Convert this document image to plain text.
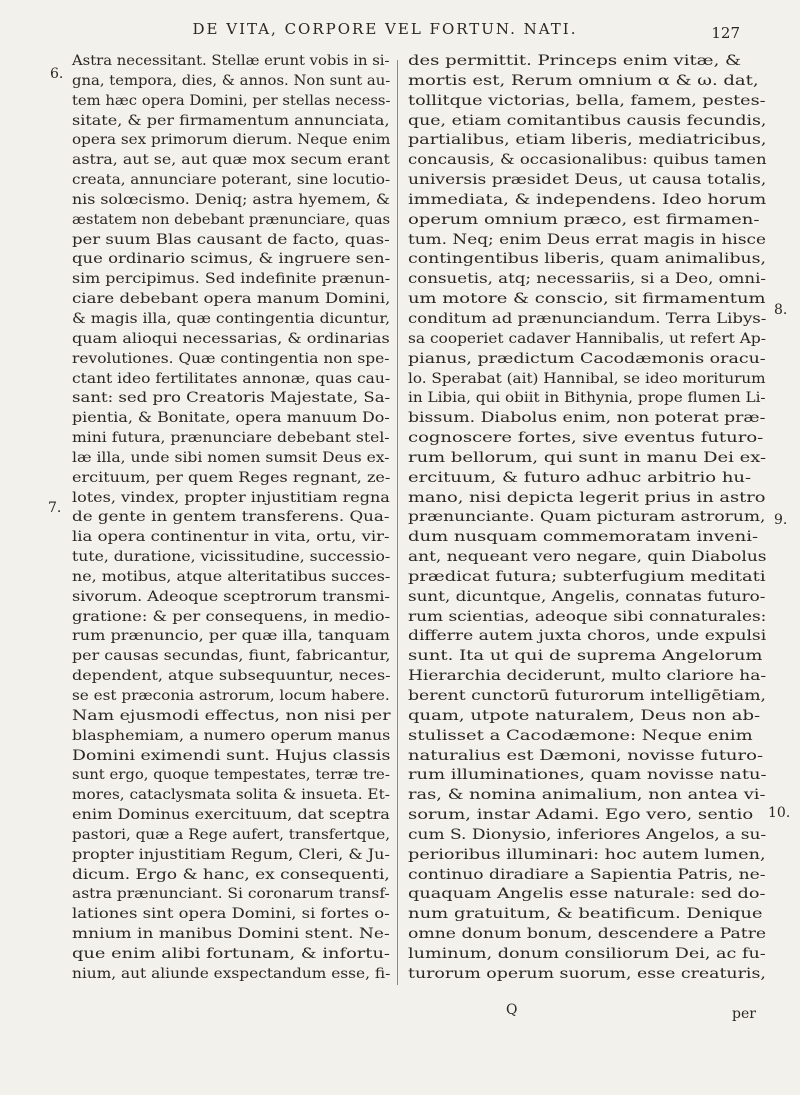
DE VITA, CORPORE VEL FORTUN. NATI.	127
Astra necessitant. Stellæ erunt vobis in si-
gna, tempora, dies, & annos. Non sunt au-
tem hæc opera Domini, per stellas necess-
sitate, & per firmamentum annunciata,
opera sex primorum dierum. Neque enim
astra, aut se, aut quæ mox secum erant
creata, annunciare poterant, sine locutio-
nis solœcismo. Deniq; astra hyemem, &
æstatem non debebant prænunciare, quas
per suum Blas causant de facto, quas-
que ordinario scimus, & ingruere sen-
sim percipimus. Sed indefinite prænun-
ciare debebant opera manum Domini,
& magis illa, quæ contingentia dicuntur,
quam alioqui necessarias, & ordinarias
revolutiones. Quæ contingentia non spe-
ctant ideo fertilitates annonæ, quas cau-
sant: sed pro Creatoris Majestate, Sa-
pientia, & Bonitate, opera manuum Do-
mini futura, prænunciare debebant stel-
læ illa, unde sibi nomen sumsit Deus ex-
ercituum, per quem Reges regnant, ze-
lotes, vindex, propter injustitiam regna
de gente in gentem transferens. Qua-
lia opera continentur in vita, ortu, vir-
tute, duratione, vicissitudine, successio-
ne, motibus, atque alteritatibus succes-
sivorum. Adeoque sceptrorum transmi-
gratione: & per consequens, in medio-
rum prænuncio, per quæ illa, tanquam
per causas secundas, fiunt, fabricantur,
dependent, atque subsequuntur, neces-
se est præconia astrorum, locum habere.
Nam ejusmodi effectus, non nisi per
blasphemiam, a numero operum manus
Domini eximendi sunt. Hujus classis
sunt ergo, quoque tempestates, terræ tre-
mores, cataclysmata solita & insueta. Et-
enim Dominus exercituum, dat sceptra
pastori, quæ a Rege aufert, transfertque,
propter injustitiam Regum, Cleri, & Ju-
dicum. Ergo & hanc, ex consequenti,
astra prænunciant. Si coronarum transf-
lationes sint opera Domini, si fortes o-
mnium in manibus Domini stent. Ne-
que enim alibi fortunam, & infortu-
nium, aut aliunde exspectandum esse, fi-
des permittit. Princeps enim vitæ, &
mortis est, Rerum omnium α & ω. dat,
tollitque victorias, bella, famem, pestes-
que, etiam comitantibus causis fecundis,
partialibus, etiam liberis, mediatricibus,
concausis, & occasionalibus: quibus tamen
universis præsidet Deus, ut causa totalis,
immediata, & independens. Ideo horum
operum omnium præco, est firmamen-
tum. Neq; enim Deus errat magis in hisce
contingentibus liberis, quam animalibus,
consuetis, atq; necessariis, si a Deo, omni-
um motore & conscio, sit firmamentum
conditum ad prænunciandum. Terra Libys-
sa cooperiet cadaver Hannibalis, ut refert Ap-
pianus, prædictum Cacodæmonis oracu-
lo. Sperabat (ait) Hannibal, se ideo moriturum
in Libia, qui obiit in Bithynia, prope flumen Li-
bissum. Diabolus enim, non poterat præ-
cognoscere fortes, sive eventus futuro-
rum bellorum, qui sunt in manu Dei ex-
ercituum, & futuro adhuc arbitrio hu-
mano, nisi depicta legerit prius in astro
prænunciante. Quam picturam astrorum,
dum nusquam commemoratam inveni-
ant, nequeant vero negare, quin Diabolus
prædicat futura; subterfugium meditati
sunt, dicuntque, Angelis, connatas futuro-
rum scientias, adeoque sibi connaturales:
differre autem juxta choros, unde expulsi
sunt. Ita ut qui de suprema Angelorum
Hierarchia deciderunt, multo clariore ha-
berent cunctorū futurorum intelligētiam,
quam, utpote naturalem, Deus non ab-
stulisset a Cacodæmone: Neque enim
naturalius est Dæmoni, novisse futuro-
rum illuminationes, quam novisse natu-
ras, & nomina animalium, non antea vi-
sorum, instar Adami. Ego vero, sentio
cum S. Dionysio, inferiores Angelos, a su-
perioribus illuminari: hoc autem lumen,
continuo diradiare a Sapientia Patris, ne-
quaquam Angelis esse naturale: sed do-
num gratuitum, & beatificum. Denique
omne donum bonum, descendere a Patre
luminum, donum consiliorum Dei, ac fu-
turorum operum suorum, esse creaturis,
6.
7.
8.
9.
10.
Q	per
